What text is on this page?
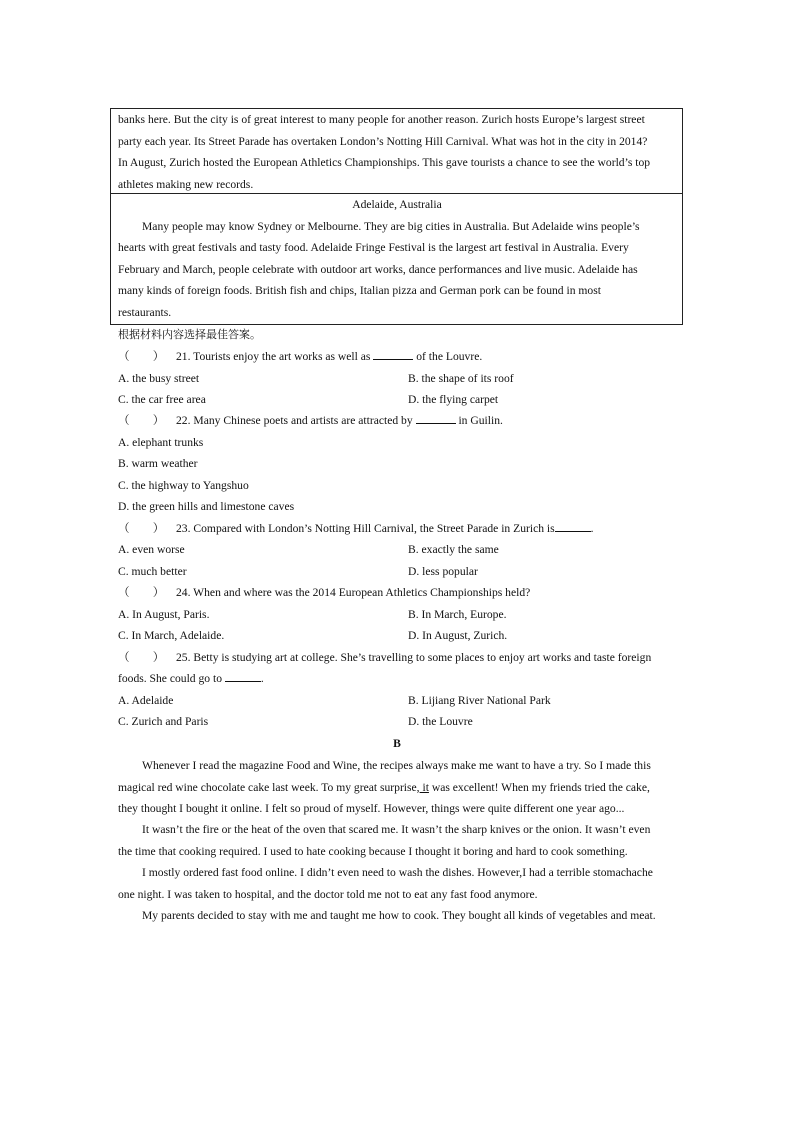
banks here. But the city is of great interest to many people for another reason. Zurich hosts Europe’s largest street

party each year. Its Street Parade has overtaken London’s Notting Hill Carnival. What was hot in the city in 2014?

In August, Zurich hosted the European Athletics Championships. This gave tourists a chance to see the world’s top

athletes making new records.

Adelaide, Australia

Many people may know Sydney or Melbourne. They are big cities in Australia. But Adelaide wins people’s

hearts with great festivals and tasty food. Adelaide Fringe Festival is the largest art festival in Australia. Every

February and March, people celebrate with outdoor art works, dance performances and live music. Adelaide has

many kinds of foreign foods. British fish and chips, Italian pizza and German pork can be found in most

restaurants.

根据材料内容选择最佳答案。
（　　） 21. Tourists enjoy the art works as well as	of the Louvre.
A. the busy street	B. the shape of its roof
C. the car free area	D. the flying carpet
（　　） 22. Many Chinese poets and artists are attracted by	in Guilin.
A. elephant trunks
B. warm weather
C. the highway to Yangshuo
D. the green hills and limestone caves
（　　） 23. Compared with London’s Notting Hill Carnival, the Street Parade in Zurich is	.
A. even worse	B. exactly the same
C. much better	D. less popular
（　　） 24. When and where was the 2014 European Athletics Championships held?
A. In August, Paris.	B. In March, Europe.
C. In March, Adelaide.	D. In August, Zurich.
（　　） 25. Betty is studying art at college. She’s travelling to some places to enjoy art works and taste foreign
foods. She could go to	.
A. Adelaide	B. Lijiang River National Park
C. Zurich and Paris	D. the Louvre
B
Whenever I read the magazine Food and Wine, the recipes always make me want to have a try. So I made this
magical red wine chocolate cake last week. To my great surprise, it was excellent! When my friends tried the cake,
they thought I bought it online. I felt so proud of myself. However, things were quite different one year ago...
It wasn’t the fire or the heat of the oven that scared me. It wasn’t the sharp knives or the onion. It wasn’t even
the time that cooking required. I used to hate cooking because I thought it boring and hard to cook something.
I mostly ordered fast food online. I didn’t even need to wash the dishes. However,I had a terrible stomachache
one night. I was taken to hospital, and the doctor told me not to eat any fast food anymore.
My parents decided to stay with me and taught me how to cook. They bought all kinds of vegetables and meat.
